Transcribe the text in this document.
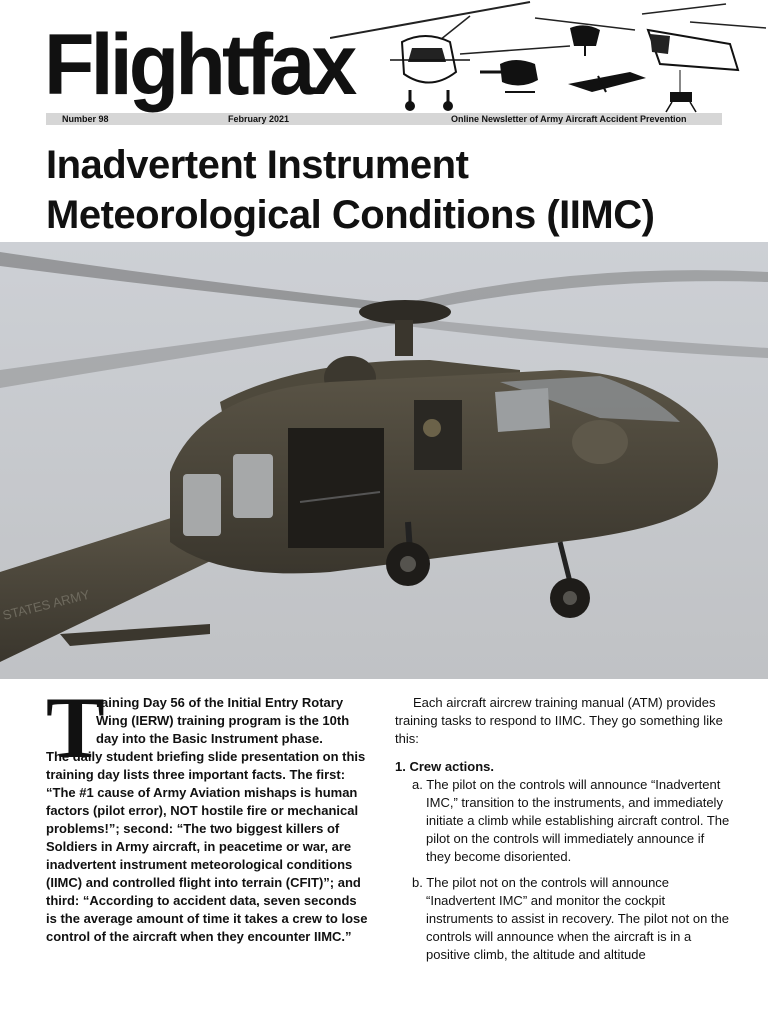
Flightfax
Number 98	February 2021	Online Newsletter of Army Aircraft Accident Prevention
Inadvertent Instrument
Meteorological Conditions (IIMC)
STATES ARMY
T

raining Day 56 of the Initial Entry Rotary Wing (IERW) training program is the 10th day into the Basic Instrument phase.
The daily student briefing slide presentation on this training day lists three important facts. The first: “The #1 cause of Army Aviation mishaps is human factors (pilot error), NOT hostile fire or mechanical problems!”; second: “The two biggest killers of Soldiers in Army aircraft, in peacetime or war, are inadvertent instrument meteorological conditions (IIMC) and controlled flight into terrain (CFIT)”; and third: “According to accident data, seven seconds is the average amount of time it takes a crew to lose control of the aircraft when they encounter IIMC.”

Each aircraft aircrew training manual (ATM) provides training tasks to respond to IIMC. They go something like this:

1. Crew actions.

a. The pilot on the controls will announce “Inadvertent IMC,” transition to the instruments, and immediately initiate a climb while establishing aircraft control. The pilot on the controls will immediately announce if they become disoriented.

b. The pilot not on the controls will announce “Inadvertent IMC” and monitor the cockpit instruments to assist in recovery. The pilot not on the controls will announce when the aircraft is in a positive climb, the altitude and altitude
